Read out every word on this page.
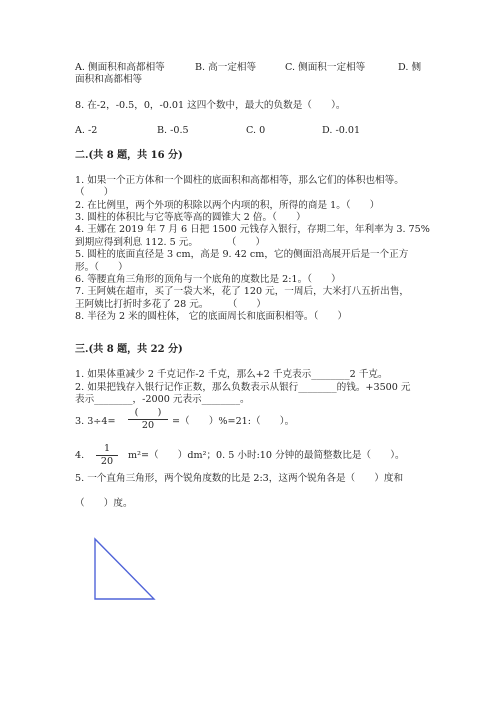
A. 侧面积和高都相等	B. 高一定相等	C. 侧面积一定相等	D. 侧
面积和高都相等
8. 在-2，-0.5，0，-0.01 这四个数中，最大的负数是（　　）。
A. -2	B. -0.5	C. 0	D. -0.01
二.(共 8 题，共 16 分)
1. 如果一个正方体和一个圆柱的底面积和高都相等，那么它们的体积也相等。
（　　）
2. 在比例里，两个外项的积除以两个内项的积，所得的商是 1。（　　）
3. 圆柱的体积比与它等底等高的圆锥大 2 倍。（　　）
4. 王娜在 2019 年 7 月 6 日把 1500 元钱存入银行，存期二年，年利率为 3. 75%
到期应得到利息 112. 5 元。　　　　（　　）
5. 圆柱的底面直径是 3 cm，高是 9. 42 cm，它的侧面沿高展开后是一个正方
形。（　　）
6. 等腰直角三角形的顶角与一个底角的度数比是 2:1。（　　）
7. 王阿姨在超市，买了一袋大米，花了 120 元，一周后，大米打八五折出售，
王阿姨比打折时多花了 28 元。　　　（　　）
8. 半径为 2 米的圆柱体， 它的底面周长和底面积相等。（　　）
三.(共 8 题，共 22 分)
1. 如果体重减少 2 千克记作-2 千克，那么+2 千克表示________2 千克。
2. 如果把钱存入银行记作正数，那么负数表示从银行________的钱。+3500 元
表示________，-2000 元表示________。
3. 3÷4=
(　　)
20	=（　　）%=21:（　　）。
4. $\frac{1}{20} m^2=$（　　）dm²；0. 5 小时:10 分钟的最简整数比是（　　）。
5. 一个直角三角形，两个锐角度数的比是 2:3，这两个锐角各是（　　）度和
（　　）度。
